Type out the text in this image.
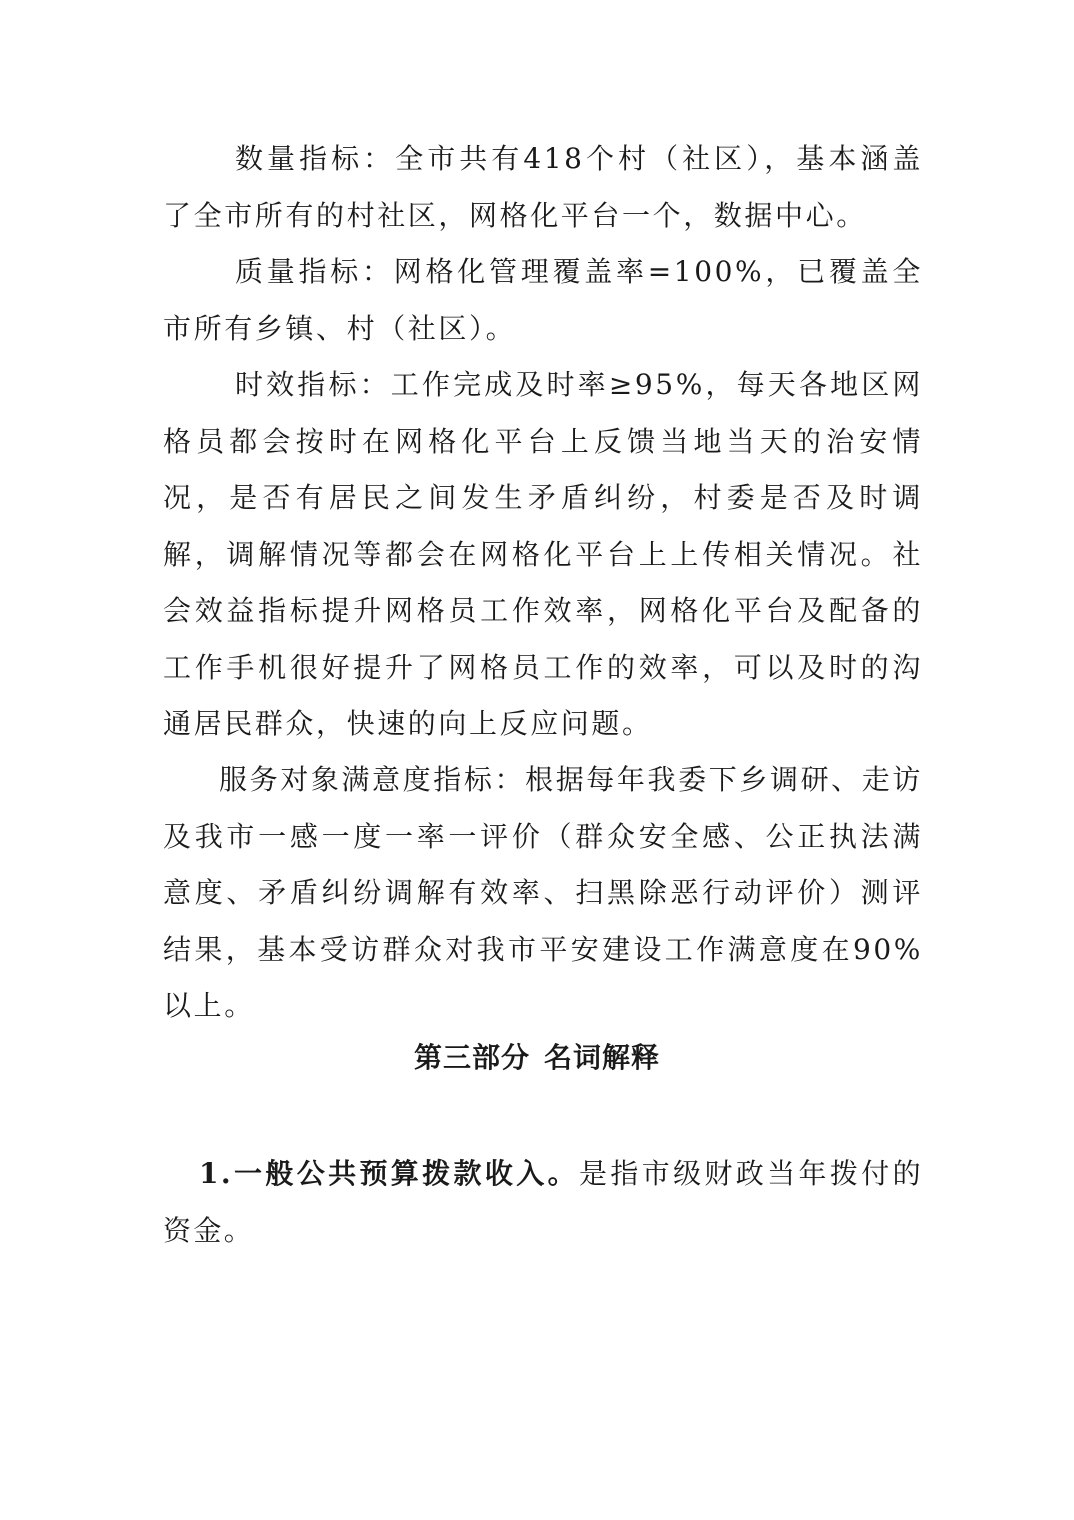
数量指标：全市共有418个村（社区），基本涵盖了全市所有的村社区，网格化平台一个，数据中心。

质量指标：网格化管理覆盖率=100%，已覆盖全市所有乡镇、村（社区）。

时效指标：工作完成及时率≥95%，每天各地区网格员都会按时在网格化平台上反馈当地当天的治安情况，是否有居民之间发生矛盾纠纷，村委是否及时调解，调解情况等都会在网格化平台上上传相关情况。社会效益指标提升网格员工作效率，网格化平台及配备的工作手机很好提升了网格员工作的效率，可以及时的沟通居民群众，快速的向上反应问题。

服务对象满意度指标：根据每年我委下乡调研、走访及我市一感一度一率一评价（群众安全感、公正执法满意度、矛盾纠纷调解有效率、扫黑除恶行动评价）测评结果，基本受访群众对我市平安建设工作满意度在90%以上。

第三部分 名词解释

1.一般公共预算拨款收入。是指市级财政当年拨付的资金。
